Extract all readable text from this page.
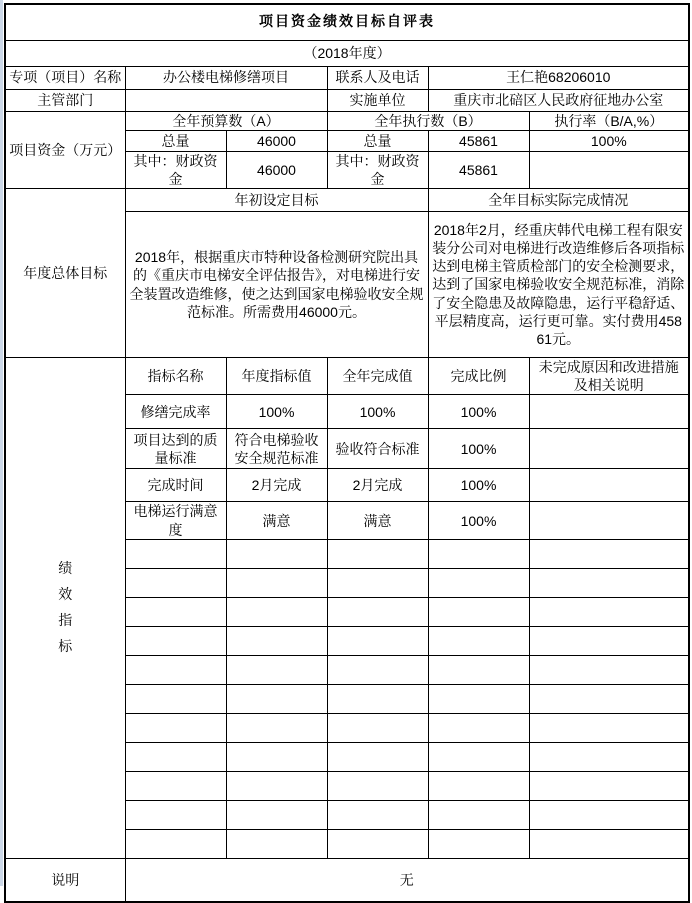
项目资金绩效目标自评表					
（2018年度）					
专项（项目）名称	办公楼电梯修缮项目		联系人及电话	王仁艳68206010	
主管部门			实施单位	重庆市北碚区人民政府征地办公室	
项目资金（万元）	全年预算数（A）		全年执行数（B）		执行率（B/A,%）
	总量	46000	总量	45861	100%
	其中：财政资金	46000	其中：财政资金	45861	
年度总体目标	年初设定目标			全年目标实际完成情况	
	2018年，根据重庆市特种设备检测研究院出具的《重庆市电梯安全评估报告》，对电梯进行安全装置改造维修，使之达到国家电梯验收安全规范标准。所需费用46000元。			2018年2月，经重庆韩代电梯工程有限安装分公司对电梯进行改造维修后各项指标达到电梯主管质检部门的安全检测要求，达到了国家电梯验收安全规范标准，消除了安全隐患及故障隐患，运行平稳舒适、平层精度高，运行更可靠。实付费用45861元。	

绩效指标	指标名称	年度指标值	全年完成值	完成比例	未完成原因和改进措施及相关说明
	修缮完成率	100%	100%	100%	
	项目达到的质量标准	符合电梯验收安全规范标准	验收符合标准	100%	
	完成时间	2月完成	2月完成	100%	
	电梯运行满意度	满意	满意	100%	

说明	无				
